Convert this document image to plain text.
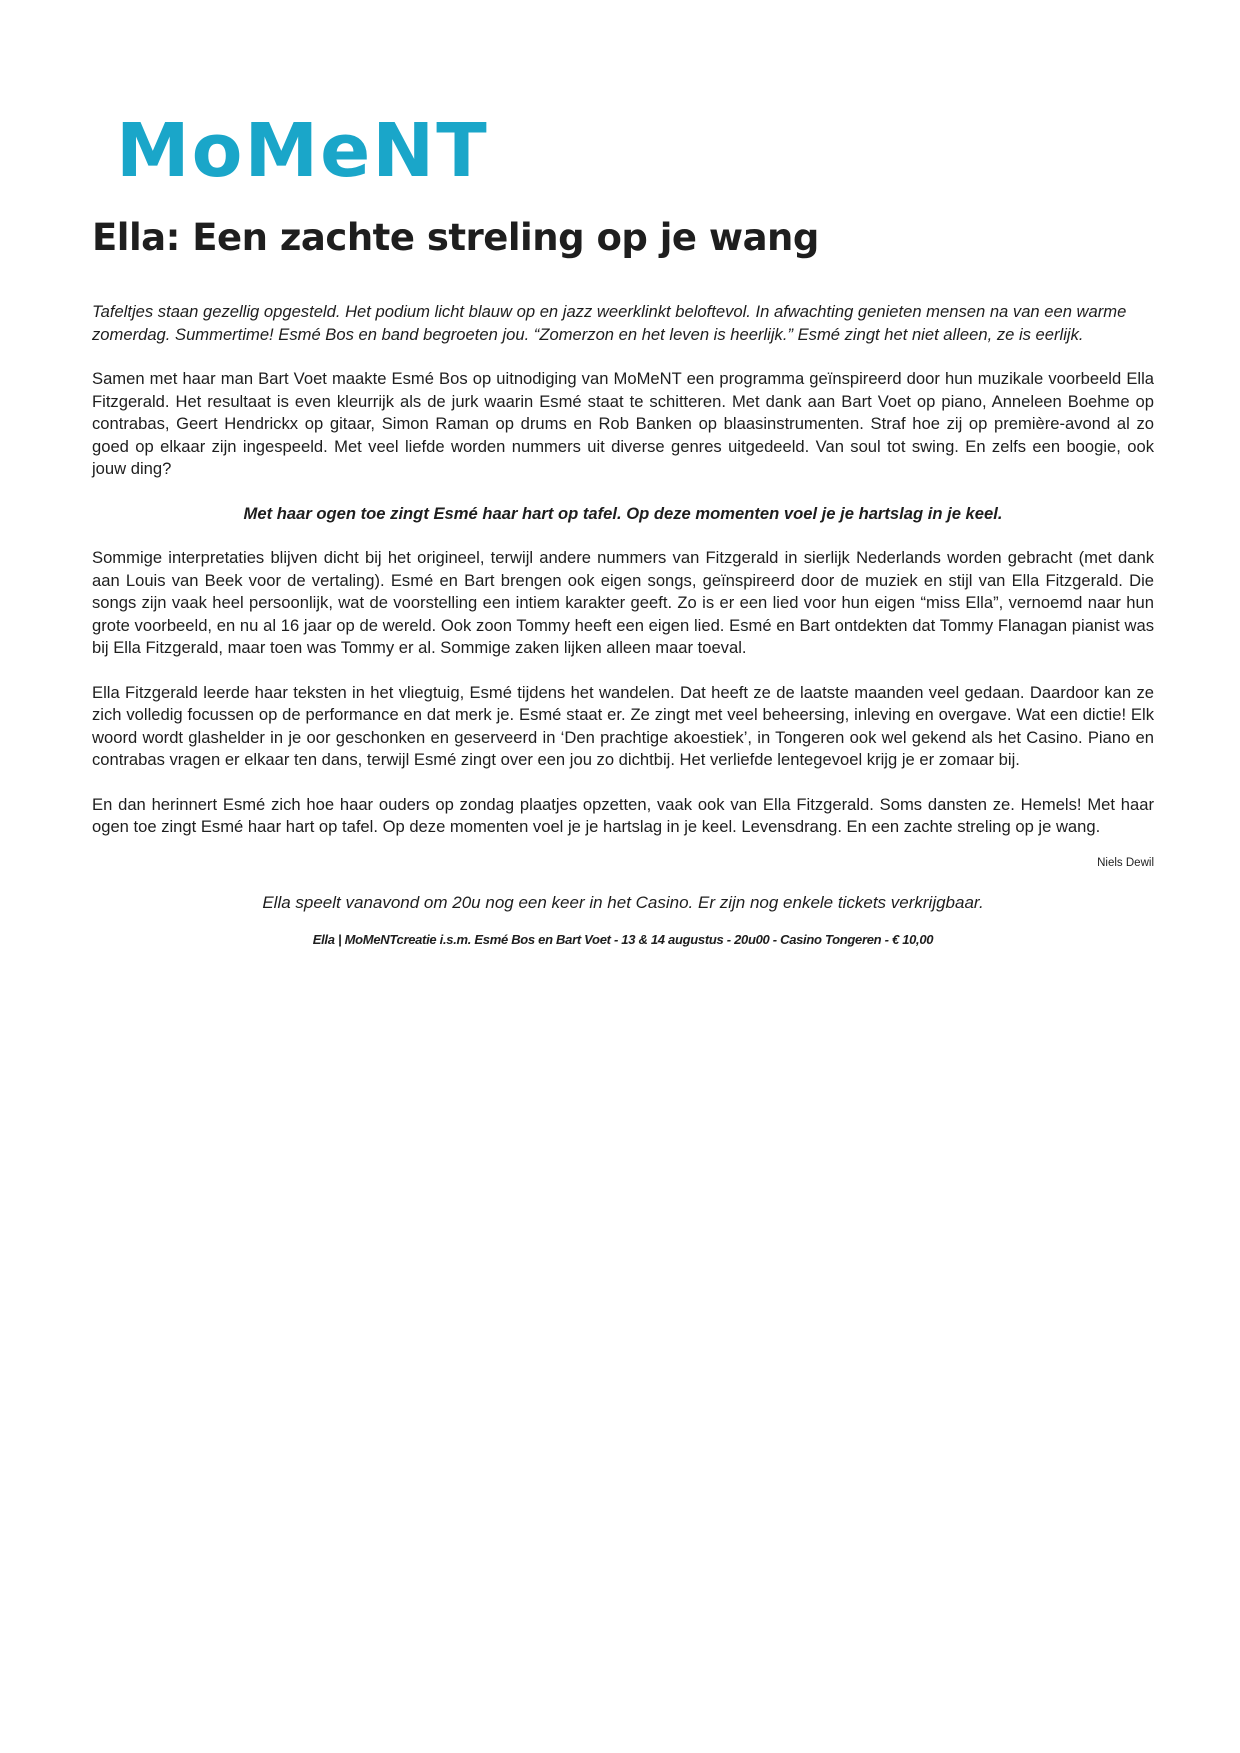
MoMeNT
Ella: Een zachte streling op je wang

Tafeltjes staan gezellig opgesteld. Het podium licht blauw op en jazz weerklinkt beloftevol. In afwachting genieten mensen na van een warme zomerdag. Summertime! Esmé Bos en band begroeten jou. “Zomerzon en het leven is heerlijk.” Esmé zingt het niet alleen, ze is eerlijk.

Samen met haar man Bart Voet maakte Esmé Bos op uitnodiging van MoMeNT een programma geïnspireerd door hun muzikale voorbeeld Ella Fitzgerald. Het resultaat is even kleurrijk als de jurk waarin Esmé staat te schitteren. Met dank aan Bart Voet op piano, Anneleen Boehme op contrabas, Geert Hendrickx op gitaar, Simon Raman op drums en Rob Banken op blaasinstrumenten. Straf hoe zij op première-avond al zo goed op elkaar zijn ingespeeld. Met veel liefde worden nummers uit diverse genres uitgedeeld. Van soul tot swing. En zelfs een boogie, ook jouw ding?

Met haar ogen toe zingt Esmé haar hart op tafel. Op deze momenten voel je je hartslag in je keel.

Sommige interpretaties blijven dicht bij het origineel, terwijl andere nummers van Fitzgerald in sierlijk Nederlands worden gebracht (met dank aan Louis van Beek voor de vertaling). Esmé en Bart brengen ook eigen songs, geïnspireerd door de muziek en stijl van Ella Fitzgerald. Die songs zijn vaak heel persoonlijk, wat de voorstelling een intiem karakter geeft. Zo is er een lied voor hun eigen “miss Ella”, vernoemd naar hun grote voorbeeld, en nu al 16 jaar op de wereld. Ook zoon Tommy heeft een eigen lied. Esmé en Bart ontdekten dat Tommy Flanagan pianist was bij Ella Fitzgerald, maar toen was Tommy er al. Sommige zaken lijken alleen maar toeval.

Ella Fitzgerald leerde haar teksten in het vliegtuig, Esmé tijdens het wandelen. Dat heeft ze de laatste maanden veel gedaan. Daardoor kan ze zich volledig focussen op de performance en dat merk je. Esmé staat er. Ze zingt met veel beheersing, inleving en overgave. Wat een dictie! Elk woord wordt glashelder in je oor geschonken en geserveerd in ‘Den prachtige akoestiek’, in Tongeren ook wel gekend als het Casino. Piano en contrabas vragen er elkaar ten dans, terwijl Esmé zingt over een jou zo dichtbij. Het verliefde lentegevoel krijg je er zomaar bij.

En dan herinnert Esmé zich hoe haar ouders op zondag plaatjes opzetten, vaak ook van Ella Fitzgerald. Soms dansten ze. Hemels! Met haar ogen toe zingt Esmé haar hart op tafel. Op deze momenten voel je je hartslag in je keel. Levensdrang. En een zachte streling op je wang.

Niels Dewil

Ella speelt vanavond om 20u nog een keer in het Casino. Er zijn nog enkele tickets verkrijgbaar.

Ella | MoMeNTcreatie i.s.m. Esmé Bos en Bart Voet - 13 & 14 augustus - 20u00 - Casino Tongeren - € 10,00
